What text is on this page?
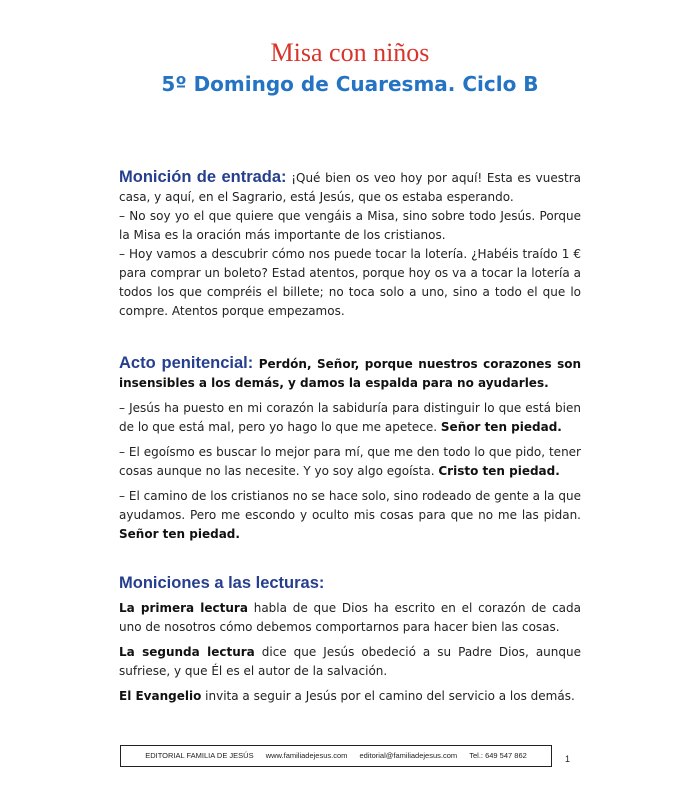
Misa con niños
5º Domingo de Cuaresma. Ciclo B

Monición de entrada: ¡Qué bien os veo hoy por aquí! Esta es vuestra casa, y aquí, en el Sagrario, está Jesús, que os estaba esperando.

– No soy yo el que quiere que vengáis a Misa, sino sobre todo Jesús. Porque la Misa es la oración más importante de los cristianos.

– Hoy vamos a descubrir cómo nos puede tocar la lotería. ¿Habéis traído 1 € para comprar un boleto? Estad atentos, porque hoy os va a tocar la lotería a todos los que compréis el billete; no toca solo a uno, sino a todo el que lo compre. Atentos porque empezamos.

Acto penitencial: Perdón, Señor, porque nuestros corazones son insensibles a los demás, y damos la espalda para no ayudarles.

– Jesús ha puesto en mi corazón la sabiduría para distinguir lo que está bien de lo que está mal, pero yo hago lo que me apetece. Señor ten piedad.

– El egoísmo es buscar lo mejor para mí, que me den todo lo que pido, tener cosas aunque no las necesite. Y yo soy algo egoísta. Cristo ten piedad.

– El camino de los cristianos no se hace solo, sino rodeado de gente a la que ayudamos. Pero me escondo y oculto mis cosas para que no me las pidan. Señor ten piedad.

Moniciones a las lecturas:

La primera lectura habla de que Dios ha escrito en el corazón de cada uno de nosotros cómo debemos comportarnos para hacer bien las cosas.

La segunda lectura dice que Jesús obedeció a su Padre Dios, aunque sufriese, y que Él es el autor de la salvación.

El Evangelio invita a seguir a Jesús por el camino del servicio a los demás.

EDITORIAL FAMILIA DE JESÚS www.familiadejesus.com editorial@familiadejesus.com Tel.: 649 547 862	1
